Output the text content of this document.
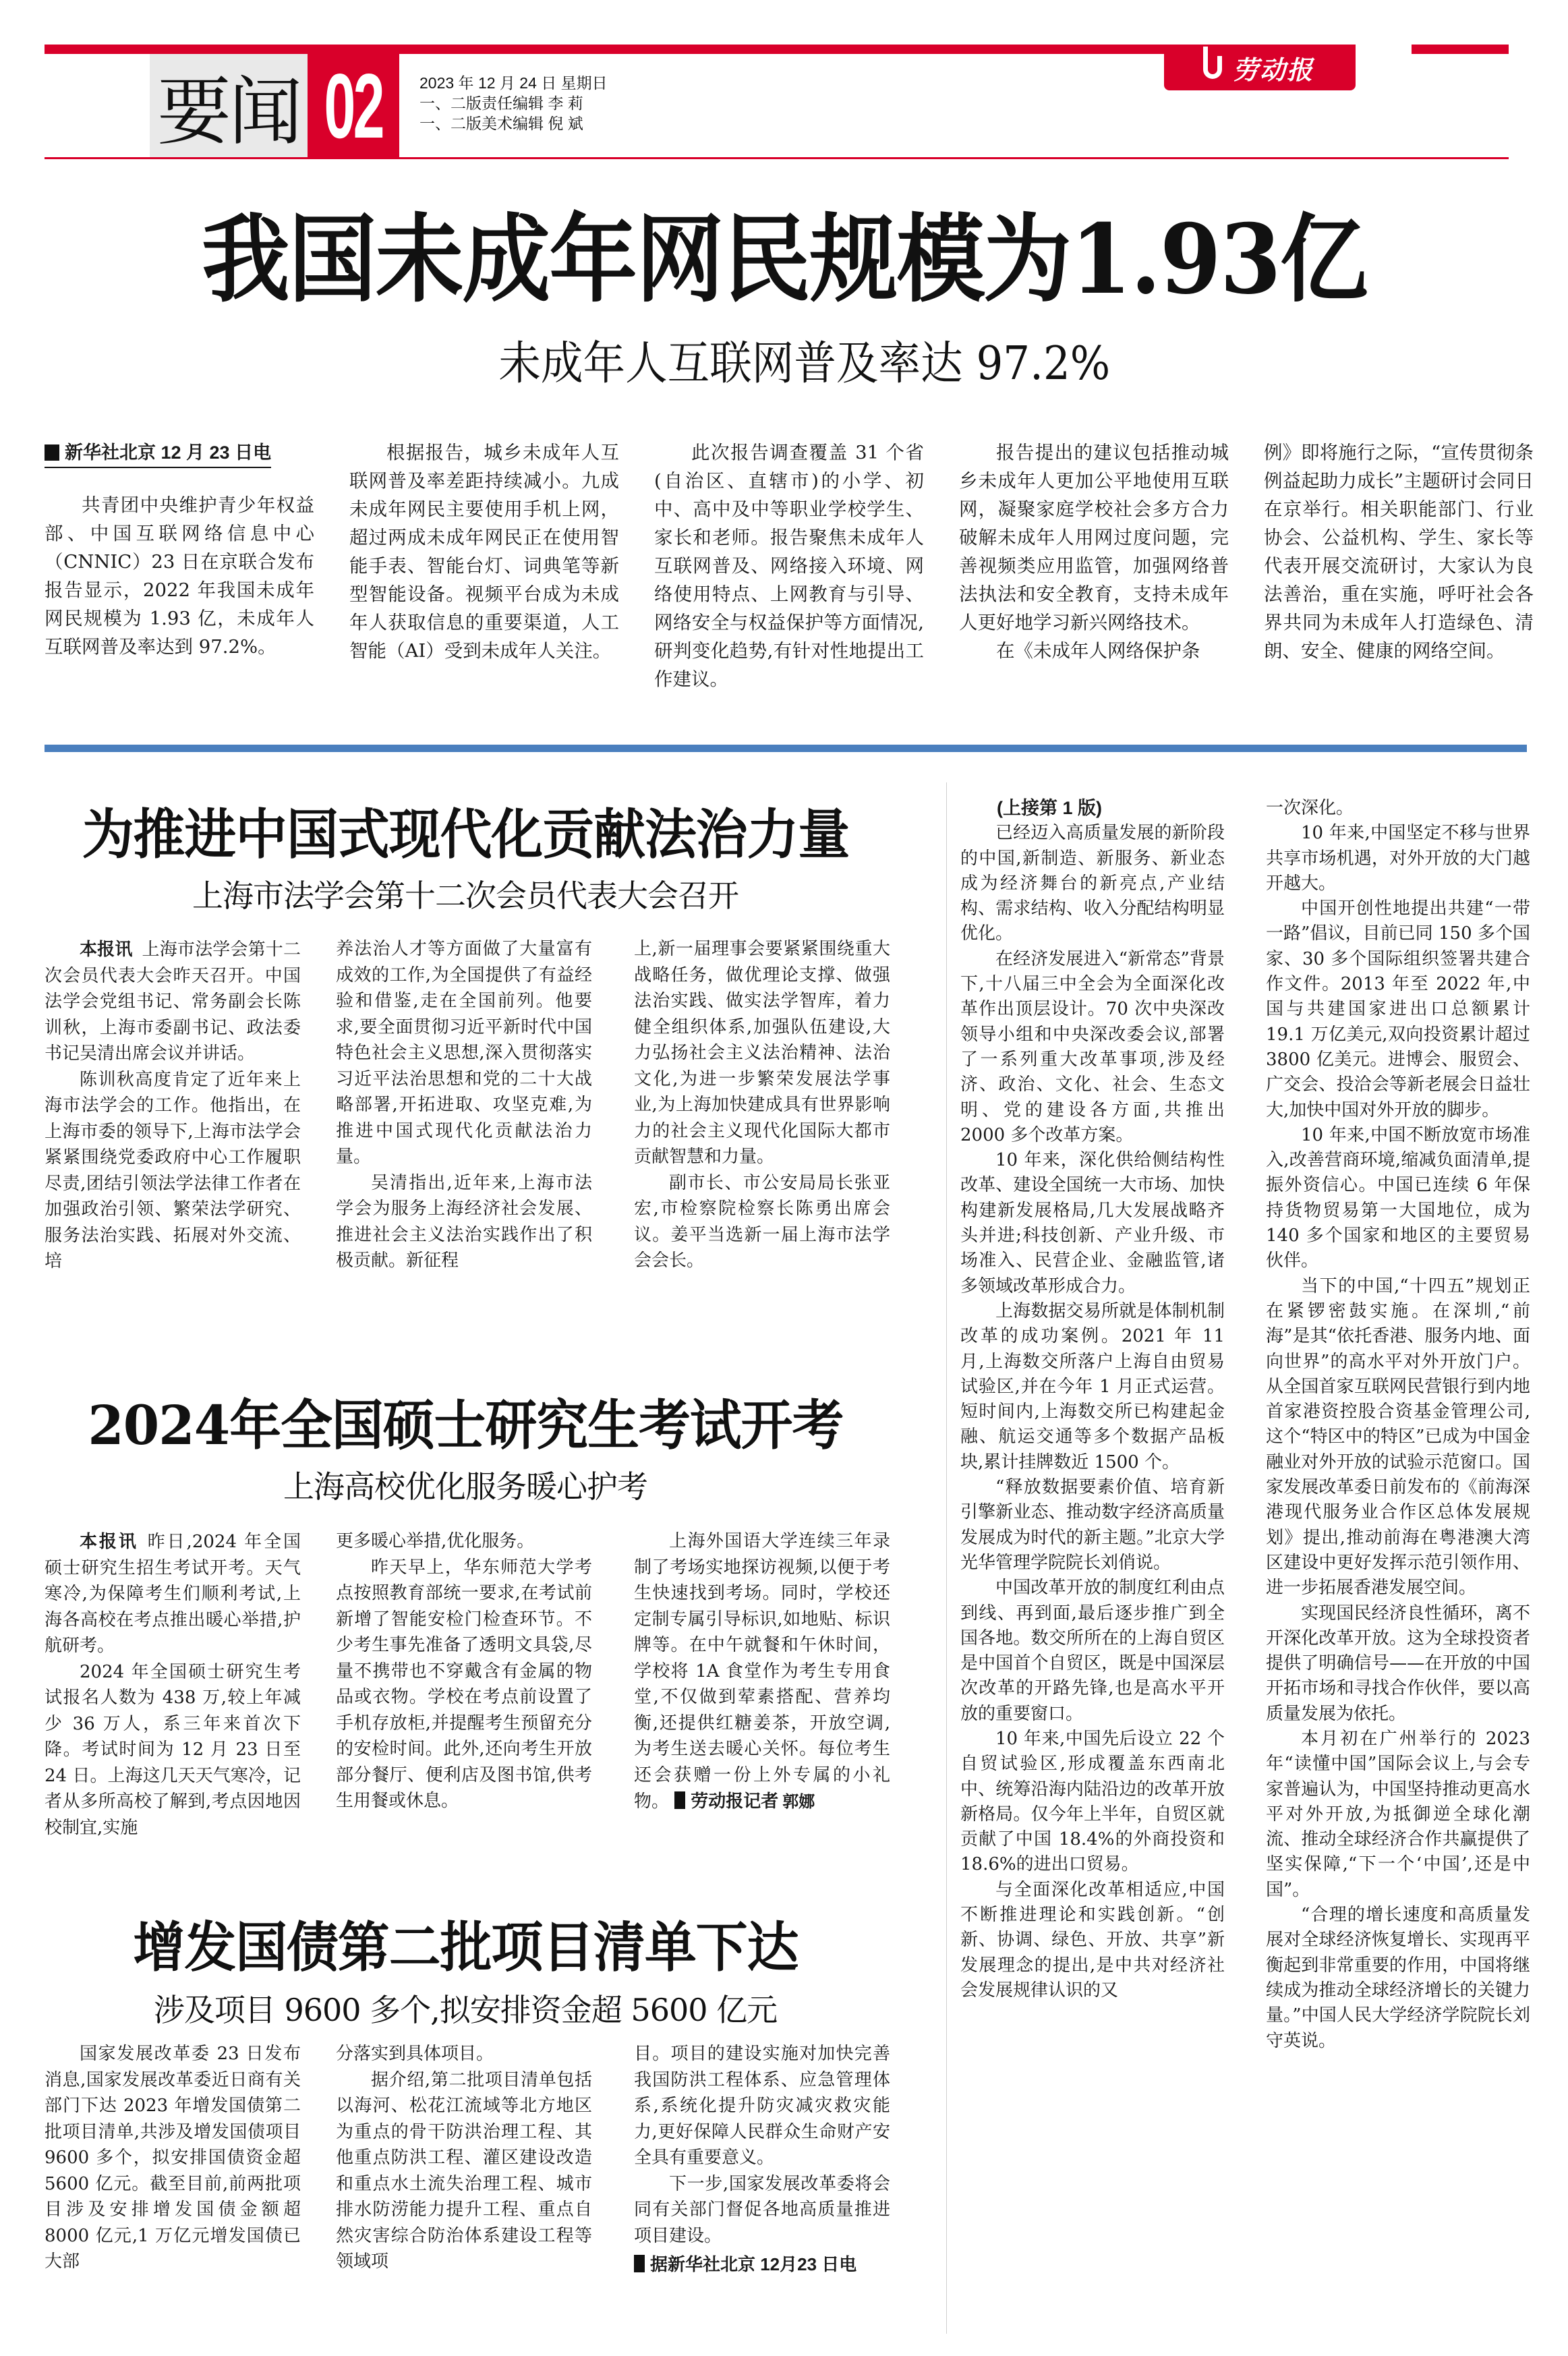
要闻 02 2023 年 12 月 24 日 星期日
一、二版责任编辑 李 莉
一、二版美术编辑 倪 斌
劳动报
我国未成年网民规模为1.93亿
未成年人互联网普及率达 97.2%
新华社北京 12 月 23 日电

共青团中央维护青少年权益部、中国互联网络信息中心（CNNIC）23 日在京联合发布报告显示，2022 年我国未成年网民规模为 1.93 亿，未成年人互联网普及率达到 97.2%。

根据报告，城乡未成年人互联网普及率差距持续减小。九成未成年网民主要使用手机上网，超过两成未成年网民正在使用智能手表、智能台灯、词典笔等新型智能设备。视频平台成为未成年人获取信息的重要渠道，人工智能（AI）受到未成年人关注。

此次报告调查覆盖 31 个省(自治区、直辖市)的小学、初中、高中及中等职业学校学生、家长和老师。报告聚焦未成年人互联网普及、网络接入环境、网络使用特点、上网教育与引导、网络安全与权益保护等方面情况,研判变化趋势,有针对性地提出工作建议。

报告提出的建议包括推动城乡未成年人更加公平地使用互联网，凝聚家庭学校社会多方合力破解未成年人用网过度问题，完善视频类应用监管，加强网络普法执法和安全教育，支持未成年人更好地学习新兴网络技术。

在《未成年人网络保护条

例》即将施行之际，“宣传贯彻条例益起助力成长”主题研讨会同日在京举行。相关职能部门、行业协会、公益机构、学生、家长等代表开展交流研讨，大家认为良法善治，重在实施，呼吁社会各界共同为未成年人打造绿色、清朗、安全、健康的网络空间。

为推进中国式现代化贡献法治力量
上海市法学会第十二次会员代表大会召开

本报讯 上海市法学会第十二次会员代表大会昨天召开。中国法学会党组书记、常务副会长陈训秋，上海市委副书记、政法委书记吴清出席会议并讲话。

陈训秋高度肯定了近年来上海市法学会的工作。他指出，在上海市委的领导下,上海市法学会紧紧围绕党委政府中心工作履职尽责,团结引领法学法律工作者在加强政治引领、繁荣法学研究、服务法治实践、拓展对外交流、培

养法治人才等方面做了大量富有成效的工作,为全国提供了有益经验和借鉴,走在全国前列。他要求,要全面贯彻习近平新时代中国特色社会主义思想,深入贯彻落实习近平法治思想和党的二十大战略部署,开拓进取、攻坚克难,为推进中国式现代化贡献法治力量。

吴清指出,近年来,上海市法学会为服务上海经济社会发展、推进社会主义法治实践作出了积极贡献。新征程

上,新一届理事会要紧紧围绕重大战略任务，做优理论支撑、做强法治实践、做实法学智库，着力健全组织体系,加强队伍建设,大力弘扬社会主义法治精神、法治文化,为进一步繁荣发展法学事业,为上海加快建成具有世界影响力的社会主义现代化国际大都市贡献智慧和力量。

副市长、市公安局局长张亚宏,市检察院检察长陈勇出席会议。姜平当选新一届上海市法学会会长。

2024年全国硕士研究生考试开考
上海高校优化服务暖心护考

本报讯 昨日,2024 年全国硕士研究生招生考试开考。天气寒冷,为保障考生们顺利考试,上海各高校在考点推出暖心举措,护航研考。

2024 年全国硕士研究生考试报名人数为 438 万,较上年减少 36 万人，系三年来首次下降。考试时间为 12 月 23 日至 24 日。上海这几天天气寒冷，记者从多所高校了解到,考点因地因校制宜,实施

更多暖心举措,优化服务。

昨天早上，华东师范大学考点按照教育部统一要求,在考试前新增了智能安检门检查环节。不少考生事先准备了透明文具袋,尽量不携带也不穿戴含有金属的物品或衣物。学校在考点前设置了手机存放柜,并提醒考生预留充分的安检时间。此外,还向考生开放部分餐厅、便利店及图书馆,供考生用餐或休息。

上海外国语大学连续三年录制了考场实地探访视频,以便于考生快速找到考场。同时，学校还定制专属引导标识,如地贴、标识牌等。在中午就餐和午休时间，学校将 1A 食堂作为考生专用食堂,不仅做到荤素搭配、营养均衡,还提供红糖姜茶，开放空调,为考生送去暖心关怀。每位考生还会获赠一份上外专属的小礼物。 劳动报记者 郭娜

增发国债第二批项目清单下达
涉及项目 9600 多个,拟安排资金超 5600 亿元

国家发展改革委 23 日发布消息,国家发展改革委近日商有关部门下达 2023 年增发国债第二批项目清单,共涉及增发国债项目 9600 多个，拟安排国债资金超 5600 亿元。截至目前,前两批项目涉及安排增发国债金额超 8000 亿元,1 万亿元增发国债已大部

分落实到具体项目。

据介绍,第二批项目清单包括以海河、松花江流域等北方地区为重点的骨干防洪治理工程、其他重点防洪工程、灌区建设改造和重点水土流失治理工程、城市排水防涝能力提升工程、重点自然灾害综合防治体系建设工程等领域项

目。项目的建设实施对加快完善我国防洪工程体系、应急管理体系,系统化提升防灾减灾救灾能力,更好保障人民群众生命财产安全具有重要意义。

下一步,国家发展改革委将会同有关部门督促各地高质量推进项目建设。

据新华社北京 12月23 日电
(上接第 1 版)

已经迈入高质量发展的新阶段的中国,新制造、新服务、新业态成为经济舞台的新亮点,产业结构、需求结构、收入分配结构明显优化。

在经济发展进入“新常态”背景下,十八届三中全会为全面深化改革作出顶层设计。70 次中央深改领导小组和中央深改委会议,部署了一系列重大改革事项,涉及经济、政治、文化、社会、生态文明、党的建设各方面,共推出 2000 多个改革方案。

10 年来，深化供给侧结构性改革、建设全国统一大市场、加快构建新发展格局,几大发展战略齐头并进;科技创新、产业升级、市场准入、民营企业、金融监管,诸多领域改革形成合力。

上海数据交易所就是体制机制改革的成功案例。2021 年 11 月,上海数交所落户上海自由贸易试验区,并在今年 1 月正式运营。短时间内,上海数交所已构建起金融、航运交通等多个数据产品板块,累计挂牌数近 1500 个。

“释放数据要素价值、培育新引擎新业态、推动数字经济高质量发展成为时代的新主题。”北京大学光华管理学院院长刘俏说。

中国改革开放的制度红利由点到线、再到面,最后逐步推广到全国各地。数交所所在的上海自贸区是中国首个自贸区，既是中国深层次改革的开路先锋,也是高水平开放的重要窗口。

10 年来,中国先后设立 22 个自贸试验区,形成覆盖东西南北中、统筹沿海内陆沿边的改革开放新格局。仅今年上半年，自贸区就贡献了中国 18.4%的外商投资和 18.6%的进出口贸易。

与全面深化改革相适应,中国不断推进理论和实践创新。“创新、协调、绿色、开放、共享”新发展理念的提出,是中共对经济社会发展规律认识的又

一次深化。

10 年来,中国坚定不移与世界共享市场机遇，对外开放的大门越开越大。

中国开创性地提出共建“一带一路”倡议，目前已同 150 多个国家、30 多个国际组织签署共建合作文件。2013 年至 2022 年,中国与共建国家进出口总额累计 19.1 万亿美元,双向投资累计超过 3800 亿美元。进博会、服贸会、广交会、投洽会等新老展会日益壮大,加快中国对外开放的脚步。

10 年来,中国不断放宽市场准入,改善营商环境,缩减负面清单,提振外资信心。中国已连续 6 年保持货物贸易第一大国地位，成为 140 多个国家和地区的主要贸易伙伴。

当下的中国,“十四五”规划正在紧锣密鼓实施。在深圳,“前海”是其“依托香港、服务内地、面向世界”的高水平对外开放门户。从全国首家互联网民营银行到内地首家港资控股合资基金管理公司,这个“特区中的特区”已成为中国金融业对外开放的试验示范窗口。国家发展改革委日前发布的《前海深港现代服务业合作区总体发展规划》提出,推动前海在粤港澳大湾区建设中更好发挥示范引领作用、进一步拓展香港发展空间。

实现国民经济良性循环，离不开深化改革开放。这为全球投资者提供了明确信号——在开放的中国开拓市场和寻找合作伙伴，要以高质量发展为依托。

本月初在广州举行的 2023 年“读懂中国”国际会议上,与会专家普遍认为，中国坚持推动更高水平对外开放,为抵御逆全球化潮流、推动全球经济合作共赢提供了坚实保障,“下一个‘中国’,还是中国”。

“合理的增长速度和高质量发展对全球经济恢复增长、实现再平衡起到非常重要的作用，中国将继续成为推动全球经济增长的关键力量。”中国人民大学经济学院院长刘守英说。
